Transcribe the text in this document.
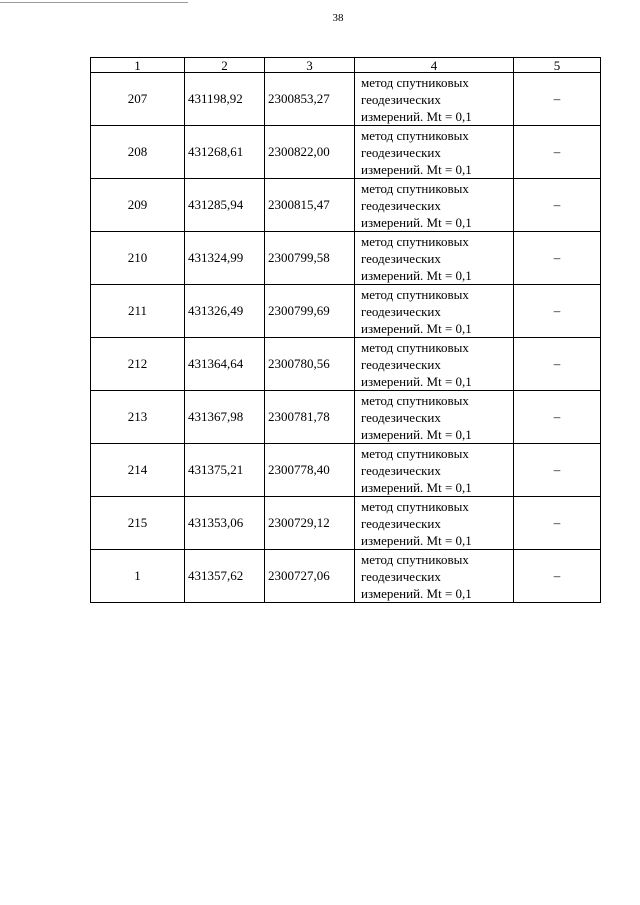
38
1	2	3	4	5
207	431198,92	2300853,27	метод спутниковых
геодезических
измерений. Mt = 0,1	–
208	431268,61	2300822,00	метод спутниковых
геодезических
измерений. Mt = 0,1	–
209	431285,94	2300815,47	метод спутниковых
геодезических
измерений. Mt = 0,1	–
210	431324,99	2300799,58	метод спутниковых
геодезических
измерений. Mt = 0,1	–
211	431326,49	2300799,69	метод спутниковых
геодезических
измерений. Mt = 0,1	–
212	431364,64	2300780,56	метод спутниковых
геодезических
измерений. Mt = 0,1	–
213	431367,98	2300781,78	метод спутниковых
геодезических
измерений. Mt = 0,1	–
214	431375,21	2300778,40	метод спутниковых
геодезических
измерений. Mt = 0,1	–
215	431353,06	2300729,12	метод спутниковых
геодезических
измерений. Mt = 0,1	–
1	431357,62	2300727,06	метод спутниковых
геодезических
измерений. Mt = 0,1	–
